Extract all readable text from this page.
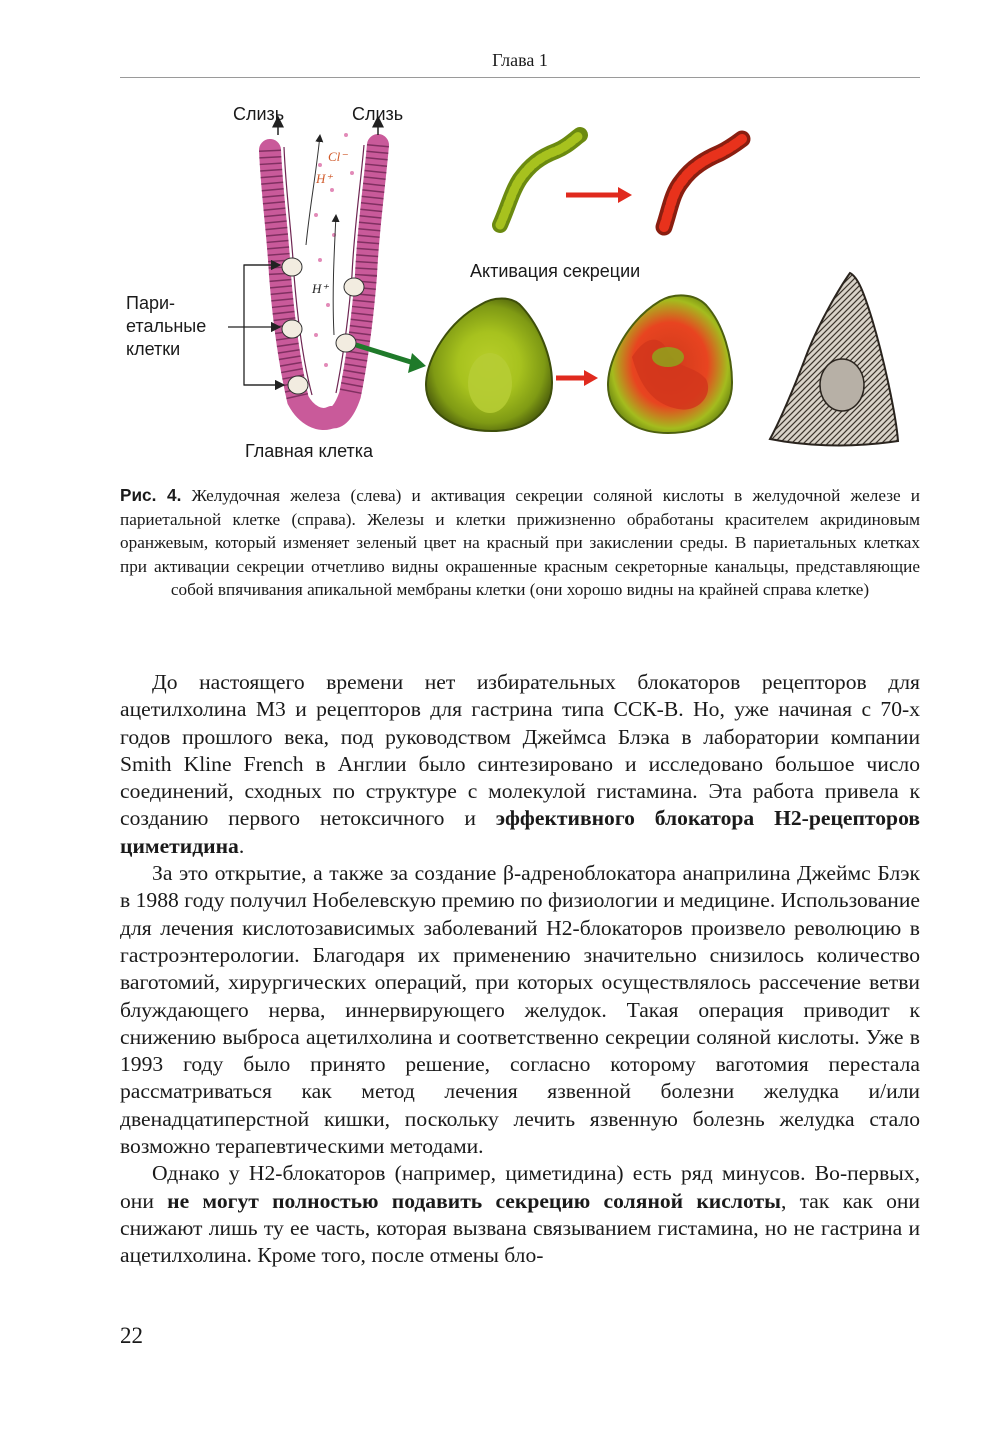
Глава 1
Слизь	Слизь
Cl⁻
H⁺
H⁺
Пари-
етальные
клетки
Главная клетка
Активация секреции
Рис. 4. Желудочная железа (слева) и активация секреции соляной кислоты в желудочной железе и париетальной клетке (справа). Железы и клетки прижизненно обработаны красителем акридиновым оранжевым, который изменяет зеленый цвет на красный при закислении среды. В париетальных клетках при активации секреции отчетливо видны окрашенные красным секреторные канальцы, представляющие собой впячивания апикальной мембраны клетки (они хорошо видны на крайней справа клетке)

До настоящего времени нет избирательных блокаторов рецепторов для ацетилхолина М3 и рецепторов для гастрина типа ССК-В. Но, уже начиная с 70-х годов прошлого века, под руководством Джеймса Блэка в лаборатории компании Smith Kline French в Англии было синтезировано и исследовано большое число соединений, сходных по структуре с молекулой гистамина. Эта работа привела к созданию первого нетоксичного и эффективного блокатора Н2-рецепторов циметидина.

За это открытие, а также за создание β-адреноблокатора анаприлина Джеймс Блэк в 1988 году получил Нобелевскую премию по физиологии и медицине. Использование для лечения кислотозависимых заболеваний Н2-блокаторов произвело революцию в гастроэнтерологии. Благодаря их применению значительно снизилось количество ваготомий, хирургических операций, при которых осуществлялось рассечение ветви блуждающего нерва, иннервирующего желудок. Такая операция приводит к снижению выброса ацетилхолина и соответственно секреции соляной кислоты. Уже в 1993 году было принято решение, согласно которому ваготомия перестала рассматриваться как метод лечения язвенной болезни желудка и/или двенадцатиперстной кишки, поскольку лечить язвенную болезнь желудка стало возможно терапевтическими методами.

Однако у Н2-блокаторов (например, циметидина) есть ряд минусов. Во-первых, они не могут полностью подавить секрецию соляной кислоты, так как они снижают лишь ту ее часть, которая вызвана связыванием гистамина, но не гастрина и ацетилхолина. Кроме того, после отмены бло-

22
